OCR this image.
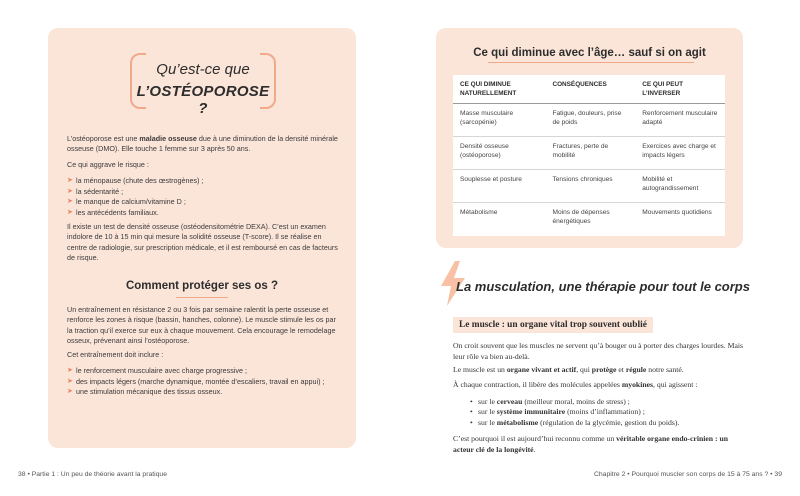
Qu’est-ce que
L’OSTÉOPOROSE ?

L’ostéoporose est une maladie osseuse due à une diminution de la densité minérale osseuse (DMO). Elle touche 1 femme sur 3 après 50 ans.

Ce qui aggrave le risque :

➤ la ménopause (chute des œstrogènes) ;
➤ la sédentarité ;
➤ le manque de calcium/vitamine D ;
➤ les antécédents familiaux.

Il existe un test de densité osseuse (ostéodensitométrie DEXA). C’est un examen indolore de 10 à 15 min qui mesure la solidité osseuse (T-score). Il se réalise en centre de radiologie, sur prescription médicale, et il est remboursé en cas de facteurs de risque.

Comment protéger ses os ?

Un entraînement en résistance 2 ou 3 fois par semaine ralentit la perte osseuse et renforce les zones à risque (bassin, hanches, colonne). Le muscle stimule les os par la traction qu’il exerce sur eux à chaque mouvement. Cela encourage le remodelage osseux, prévenant ainsi l’ostéoporose.

Cet entraînement doit inclure :

➤ le renforcement musculaire avec charge progressive ;
➤ des impacts légers (marche dynamique, montée d’escaliers, travail en appui) ;
➤ une stimulation mécanique des tissus osseux.
38 • Partie 1 : Un peu de théorie avant la pratique
Ce qui diminue avec l’âge… sauf si on agit
CE QUI DIMINUE NATURELLEMENT	CONSÉQUENCES	CE QUI PEUT L’INVERSER
Masse musculaire (sarcopénie)	Fatigue, douleurs, prise de poids	Renforcement musculaire adapté
Densité osseuse (ostéoporose)	Fractures, perte de mobilité	Exercices avec charge et impacts légers
Souplesse et posture	Tensions chroniques	Mobilité et autograndissement
Métabolisme	Moins de dépenses énergétiques	Mouvements quotidiens
La musculation, une thérapie pour tout le corps
Le muscle : un organe vital trop souvent oublié

On croit souvent que les muscles ne servent qu’à bouger ou à porter des charges lourdes. Mais leur rôle va bien au-delà.

Le muscle est un organe vivant et actif, qui protège et régule notre santé.

À chaque contraction, il libère des molécules appelées myokines, qui agissent :

• sur le cerveau (meilleur moral, moins de stress) ;
• sur le système immunitaire (moins d’inflammation) ;
• sur le métabolisme (régulation de la glycémie, gestion du poids).

C’est pourquoi il est aujourd’hui reconnu comme un véritable organe endo-crinien : un acteur clé de la longévité.

Chapitre 2 • Pourquoi muscler son corps de 15 à 75 ans ? • 39
